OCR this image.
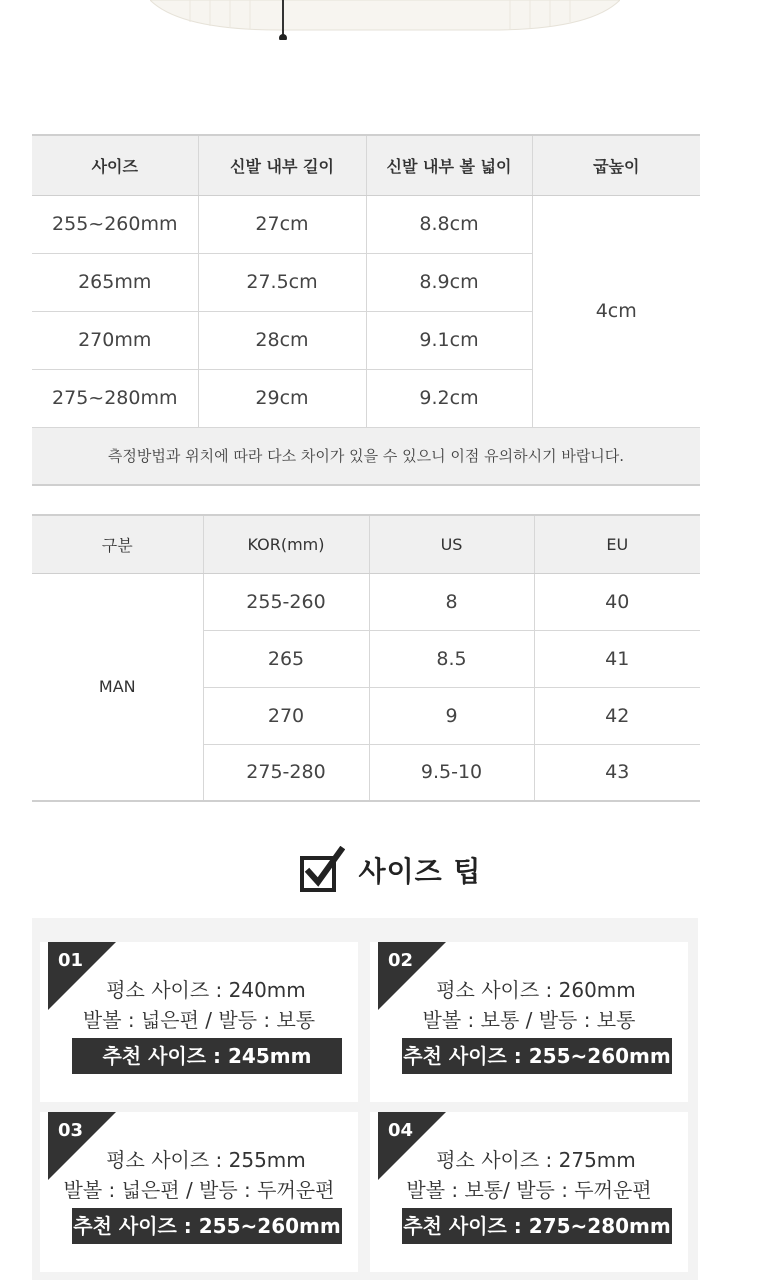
사이즈	신발 내부 길이	신발 내부 볼 넓이	굽높이
255~260mm	27cm	8.8cm	4cm
265mm	27.5cm	8.9cm	
270mm	28cm	9.1cm	
275~280mm	29cm	9.2cm	
측정방법과 위치에 따라 다소 차이가 있을 수 있으니 이점 유의하시기 바랍니다.			
구분	KOR(mm)	US	EU
MAN	255-260	8	40
	265	8.5	41
	270	9	42
	275-280	9.5-10	43
사이즈 팁
01
평소 사이즈 : 240mm
발볼 : 넓은편 / 발등 : 보통
추천 사이즈 : 245mm
02
평소 사이즈 : 260mm
발볼 : 보통 / 발등 : 보통
추천 사이즈 : 255~260mm
03
평소 사이즈 : 255mm
발볼 : 넓은편 / 발등 : 두꺼운편
추천 사이즈 : 255~260mm
04
평소 사이즈 : 275mm
발볼 : 보통/ 발등 : 두꺼운편
추천 사이즈 : 275~280mm
